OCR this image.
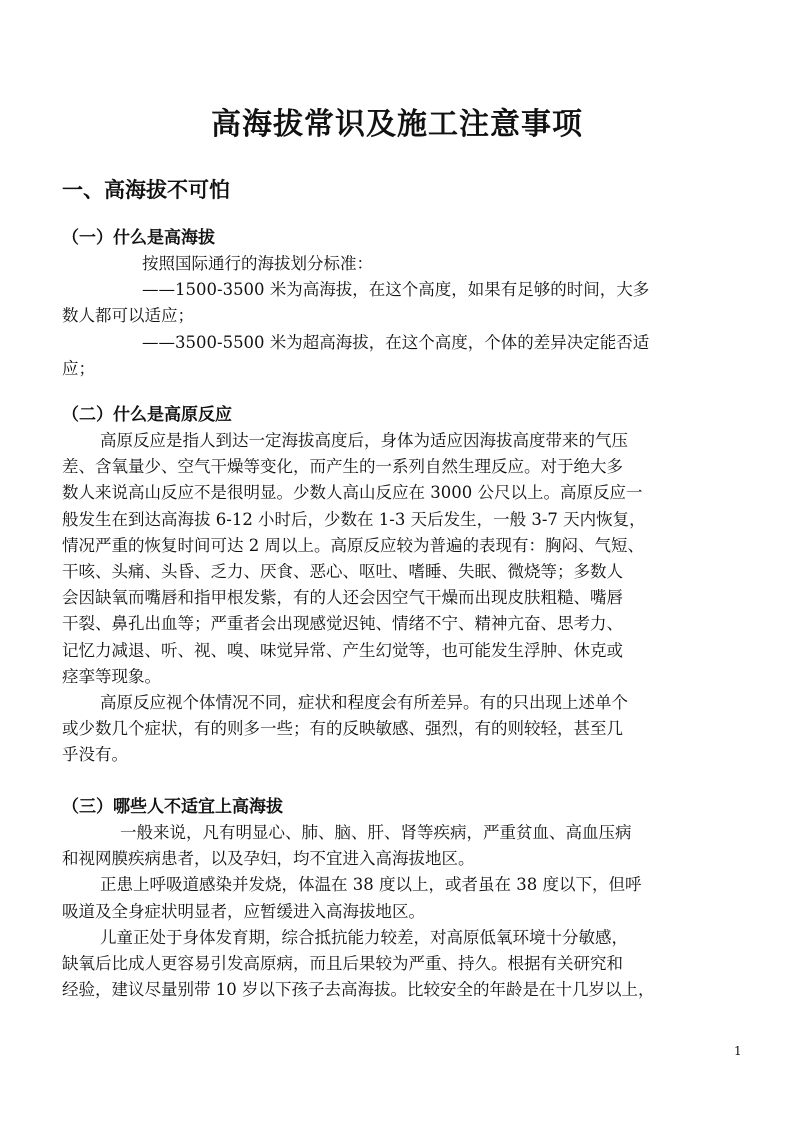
高海拔常识及施工注意事项
一、高海拔不可怕
（一）什么是高海拔
按照国际通行的海拔划分标准：
——1500-3500 米为高海拔，在这个高度，如果有足够的时间，大多
数人都可以适应；
——3500-5500 米为超高海拔，在这个高度，个体的差异决定能否适
应；
（二）什么是高原反应
高原反应是指人到达一定海拔高度后，身体为适应因海拔高度带来的气压
差、含氧量少、空气干燥等变化，而产生的一系列自然生理反应。对于绝大多
数人来说高山反应不是很明显。少数人高山反应在 3000 公尺以上。高原反应一
般发生在到达高海拔 6-12 小时后，少数在 1-3 天后发生，一般 3-7 天内恢复，
情况严重的恢复时间可达 2 周以上。高原反应较为普遍的表现有：胸闷、气短、
干咳、头痛、头昏、乏力、厌食、恶心、呕吐、嗜睡、失眠、微烧等；多数人
会因缺氧而嘴唇和指甲根发紫，有的人还会因空气干燥而出现皮肤粗糙、嘴唇
干裂、鼻孔出血等；严重者会出现感觉迟钝、情绪不宁、精神亢奋、思考力、
记忆力减退、听、视、嗅、味觉异常、产生幻觉等，也可能发生浮肿、休克或
痉挛等现象。
高原反应视个体情况不同，症状和程度会有所差异。有的只出现上述单个
或少数几个症状，有的则多一些；有的反映敏感、强烈，有的则较轻，甚至几
乎没有。
（三）哪些人不适宜上高海拔
一般来说，凡有明显心、肺、脑、肝、肾等疾病，严重贫血、高血压病
和视网膜疾病患者，以及孕妇，均不宜进入高海拔地区。
正患上呼吸道感染并发烧，体温在 38 度以上，或者虽在 38 度以下，但呼
吸道及全身症状明显者，应暂缓进入高海拔地区。
儿童正处于身体发育期，综合抵抗能力较差，对高原低氧环境十分敏感，
缺氧后比成人更容易引发高原病，而且后果较为严重、持久。根据有关研究和
经验，建议尽量别带 10 岁以下孩子去高海拔。比较安全的年龄是在十几岁以上，
1
